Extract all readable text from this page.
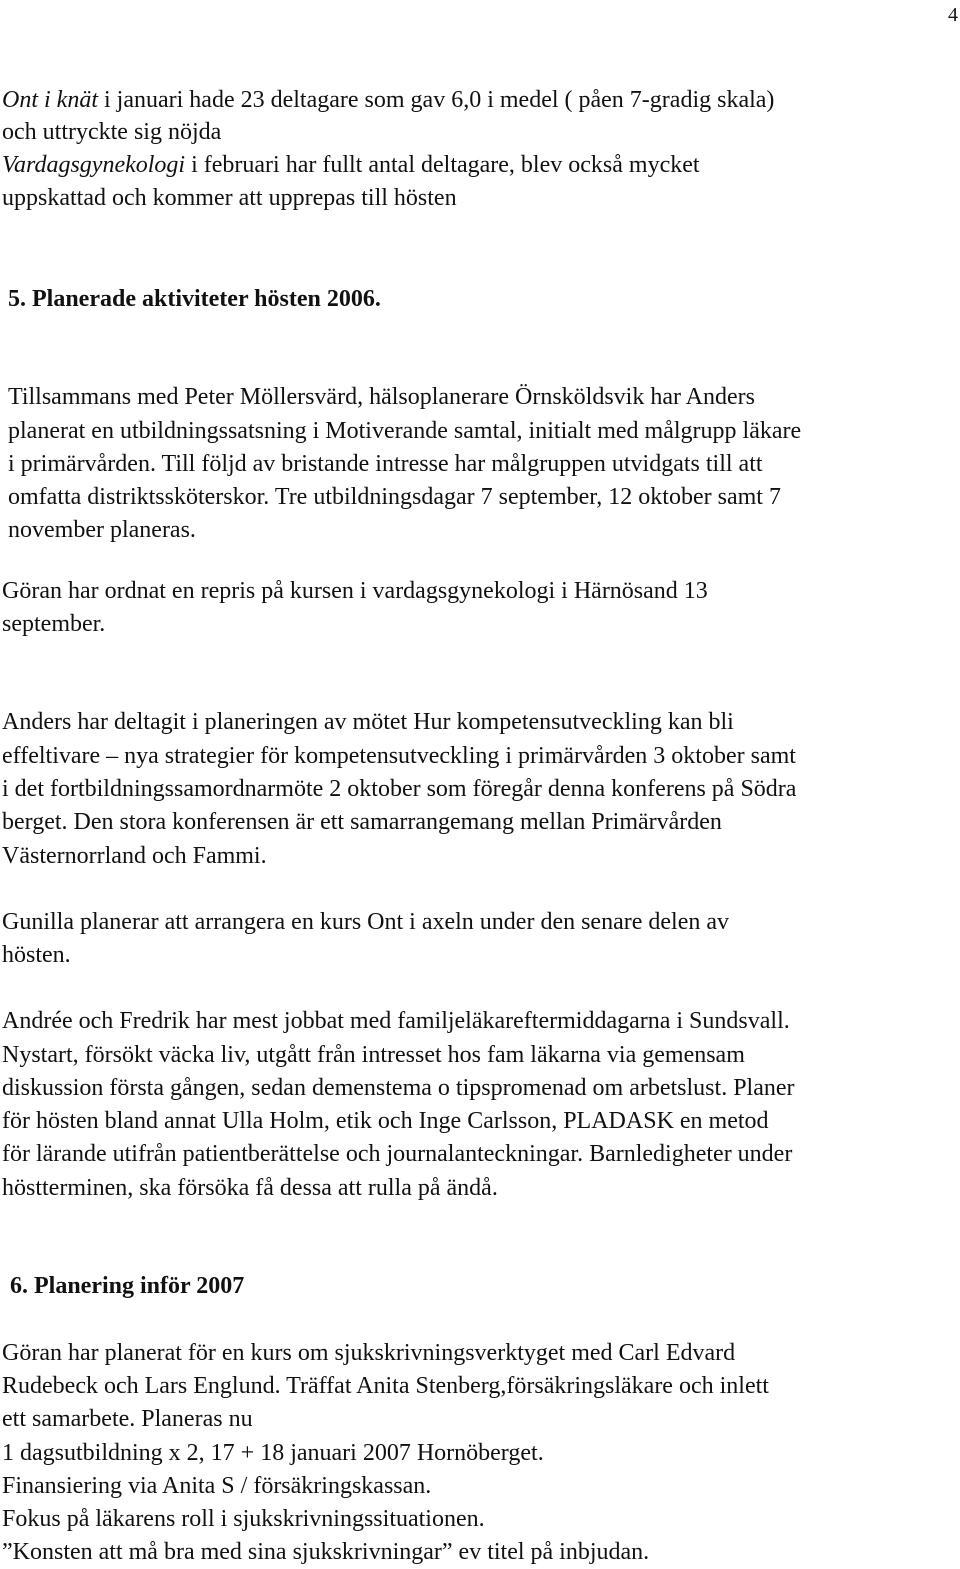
4
Ont i knät i januari hade 23 deltagare som gav 6,0 i medel ( påen 7-gradig skala)
och uttryckte sig nöjda
Vardagsgynekologi i februari har fullt antal deltagare, blev också mycket
uppskattad och kommer att upprepas till hösten
5. Planerade aktiviteter hösten 2006.
Tillsammans med Peter Möllersvärd, hälsoplanerare Örnsköldsvik har Anders
planerat en utbildningssatsning i Motiverande samtal, initialt med målgrupp läkare
i primärvården. Till följd av bristande intresse har målgruppen utvidgats till att
omfatta distriktssköterskor. Tre utbildningsdagar 7 september, 12 oktober samt 7
november planeras.
Göran har ordnat en repris på kursen i vardagsgynekologi i Härnösand 13
september.
Anders har deltagit i planeringen av mötet Hur kompetensutveckling kan bli
effeltivare – nya strategier för kompetensutveckling i primärvården 3 oktober samt
i det fortbildningssamordnarmöte 2 oktober som föregår denna konferens på Södra
berget. Den stora konferensen är ett samarrangemang mellan Primärvården
Västernorrland och Fammi.
Gunilla planerar att arrangera en kurs Ont i axeln under den senare delen av
hösten.
Andrée och Fredrik har mest jobbat med familjeläkareftermiddagarna i Sundsvall.
Nystart, försökt väcka liv, utgått från intresset hos fam läkarna via gemensam
diskussion första gången, sedan demenstema o tipspromenad om arbetslust. Planer
för hösten bland annat Ulla Holm, etik och Inge Carlsson, PLADASK en metod
för lärande utifrån patientberättelse och journalanteckningar. Barnledigheter under
höstterminen, ska försöka få dessa att rulla på ändå.
6. Planering inför 2007
Göran har planerat för en kurs om sjukskrivningsverktyget med Carl Edvard
Rudebeck och Lars Englund. Träffat Anita Stenberg,försäkringsläkare och inlett
ett samarbete. Planeras nu
1 dagsutbildning x 2, 17 + 18 januari 2007 Hornöberget.
Finansiering via Anita S / försäkringskassan.
Fokus på läkarens roll i sjukskrivningssituationen.
”Konsten att må bra med sina sjukskrivningar” ev titel på inbjudan.
